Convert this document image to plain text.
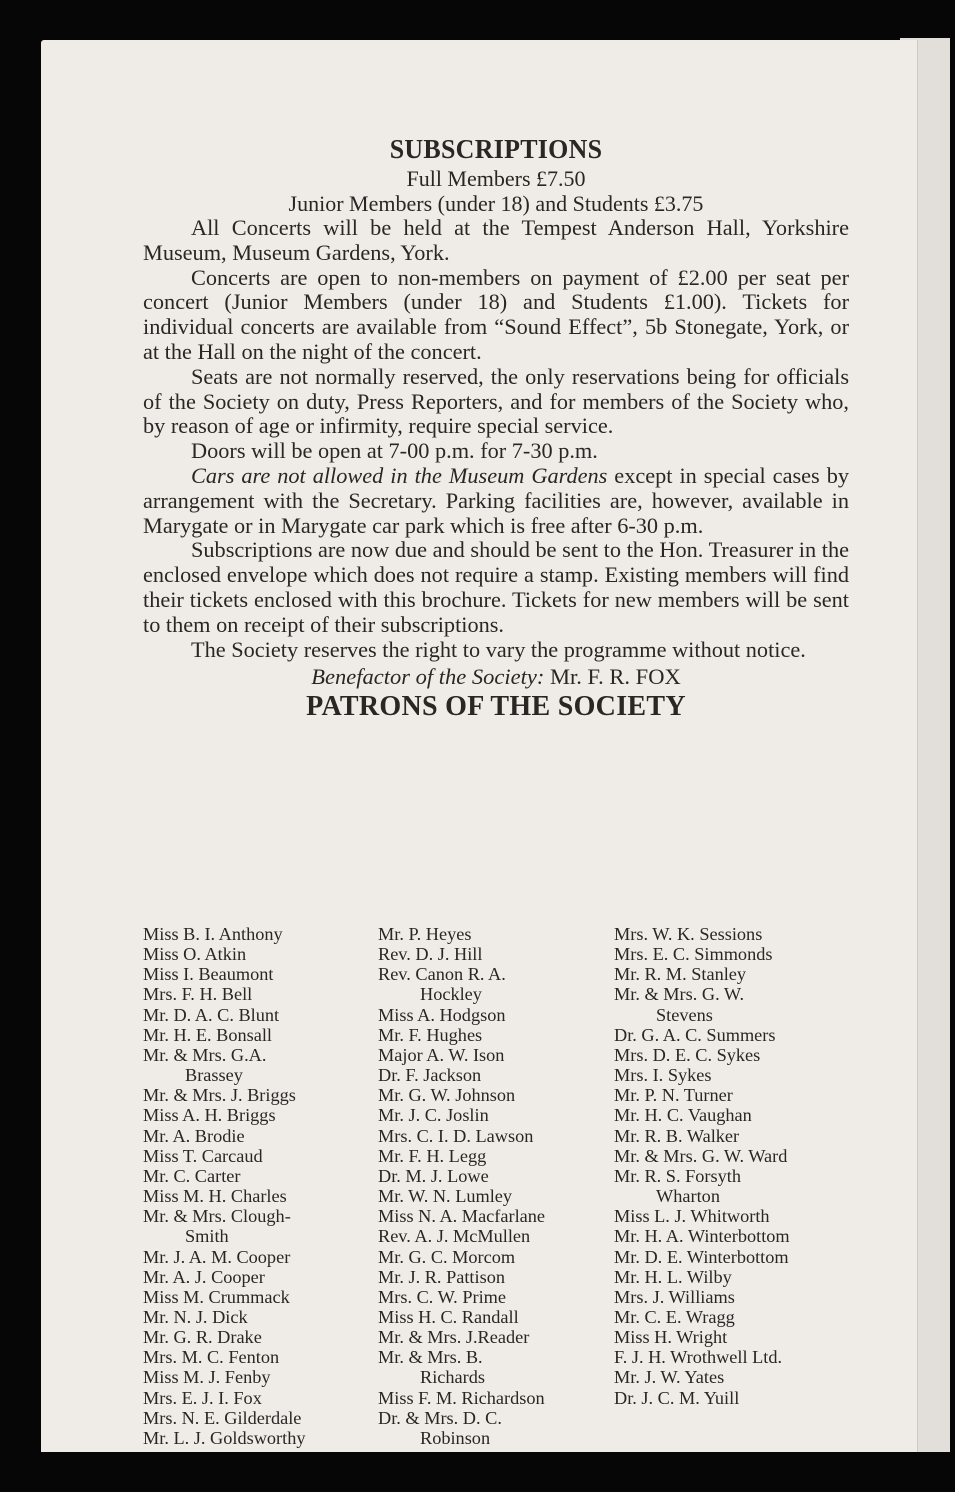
SUBSCRIPTIONS
Full Members £7.50
Junior Members (under 18) and Students £3.75

All Concerts will be held at the Tempest Anderson Hall, Yorkshire Museum, Museum Gardens, York.

Concerts are open to non-members on payment of £2.00 per seat per concert (Junior Members (under 18) and Students £1.00). Tickets for individual concerts are available from “Sound Effect”, 5b Stonegate, York, or at the Hall on the night of the concert.

Seats are not normally reserved, the only reservations being for officials of the Society on duty, Press Reporters, and for members of the Society who, by reason of age or infirmity, require special service.

Doors will be open at 7-00 p.m. for 7-30 p.m.

Cars are not allowed in the Museum Gardens except in special cases by arrangement with the Secretary. Parking facilities are, however, available in Marygate or in Marygate car park which is free after 6-30 p.m.

Subscriptions are now due and should be sent to the Hon. Treasurer in the enclosed envelope which does not require a stamp. Existing members will find their tickets enclosed with this brochure. Tickets for new members will be sent to them on receipt of their subscriptions.

The Society reserves the right to vary the programme without notice.

Benefactor of the Society: Mr. F. R. FOX
PATRONS OF THE SOCIETY
Miss B. I. Anthony
Miss O. Atkin
Miss I. Beaumont
Mrs. F. H. Bell
Mr. D. A. C. Blunt
Mr. H. E. Bonsall
Mr. & Mrs. G.A.
Brassey
Mr. & Mrs. J. Briggs
Miss A. H. Briggs
Mr. A. Brodie
Miss T. Carcaud
Mr. C. Carter
Miss M. H. Charles
Mr. & Mrs. Clough-
Smith
Mr. J. A. M. Cooper
Mr. A. J. Cooper
Miss M. Crummack
Mr. N. J. Dick
Mr. G. R. Drake
Mrs. M. C. Fenton
Miss M. J. Fenby
Mrs. E. J. I. Fox
Mrs. N. E. Gilderdale
Mr. L. J. Goldsworthy
Mr. P. Heyes
Rev. D. J. Hill
Rev. Canon R. A.
Hockley
Miss A. Hodgson
Mr. F. Hughes
Major A. W. Ison
Dr. F. Jackson
Mr. G. W. Johnson
Mr. J. C. Joslin
Mrs. C. I. D. Lawson
Mr. F. H. Legg
Dr. M. J. Lowe
Mr. W. N. Lumley
Miss N. A. Macfarlane
Rev. A. J. McMullen
Mr. G. C. Morcom
Mr. J. R. Pattison
Mrs. C. W. Prime
Miss H. C. Randall
Mr. & Mrs. J.Reader
Mr. & Mrs. B.
Richards
Miss F. M. Richardson
Dr. & Mrs. D. C.
Robinson
Mrs. W. K. Sessions
Mrs. E. C. Simmonds
Mr. R. M. Stanley
Mr. & Mrs. G. W.
Stevens
Dr. G. A. C. Summers
Mrs. D. E. C. Sykes
Mrs. I. Sykes
Mr. P. N. Turner
Mr. H. C. Vaughan
Mr. R. B. Walker
Mr. & Mrs. G. W. Ward
Mr. R. S. Forsyth
Wharton
Miss L. J. Whitworth
Mr. H. A. Winterbottom
Mr. D. E. Winterbottom
Mr. H. L. Wilby
Mrs. J. Williams
Mr. C. E. Wragg
Miss H. Wright
F. J. H. Wrothwell Ltd.
Mr. J. W. Yates
Dr. J. C. M. Yuill
